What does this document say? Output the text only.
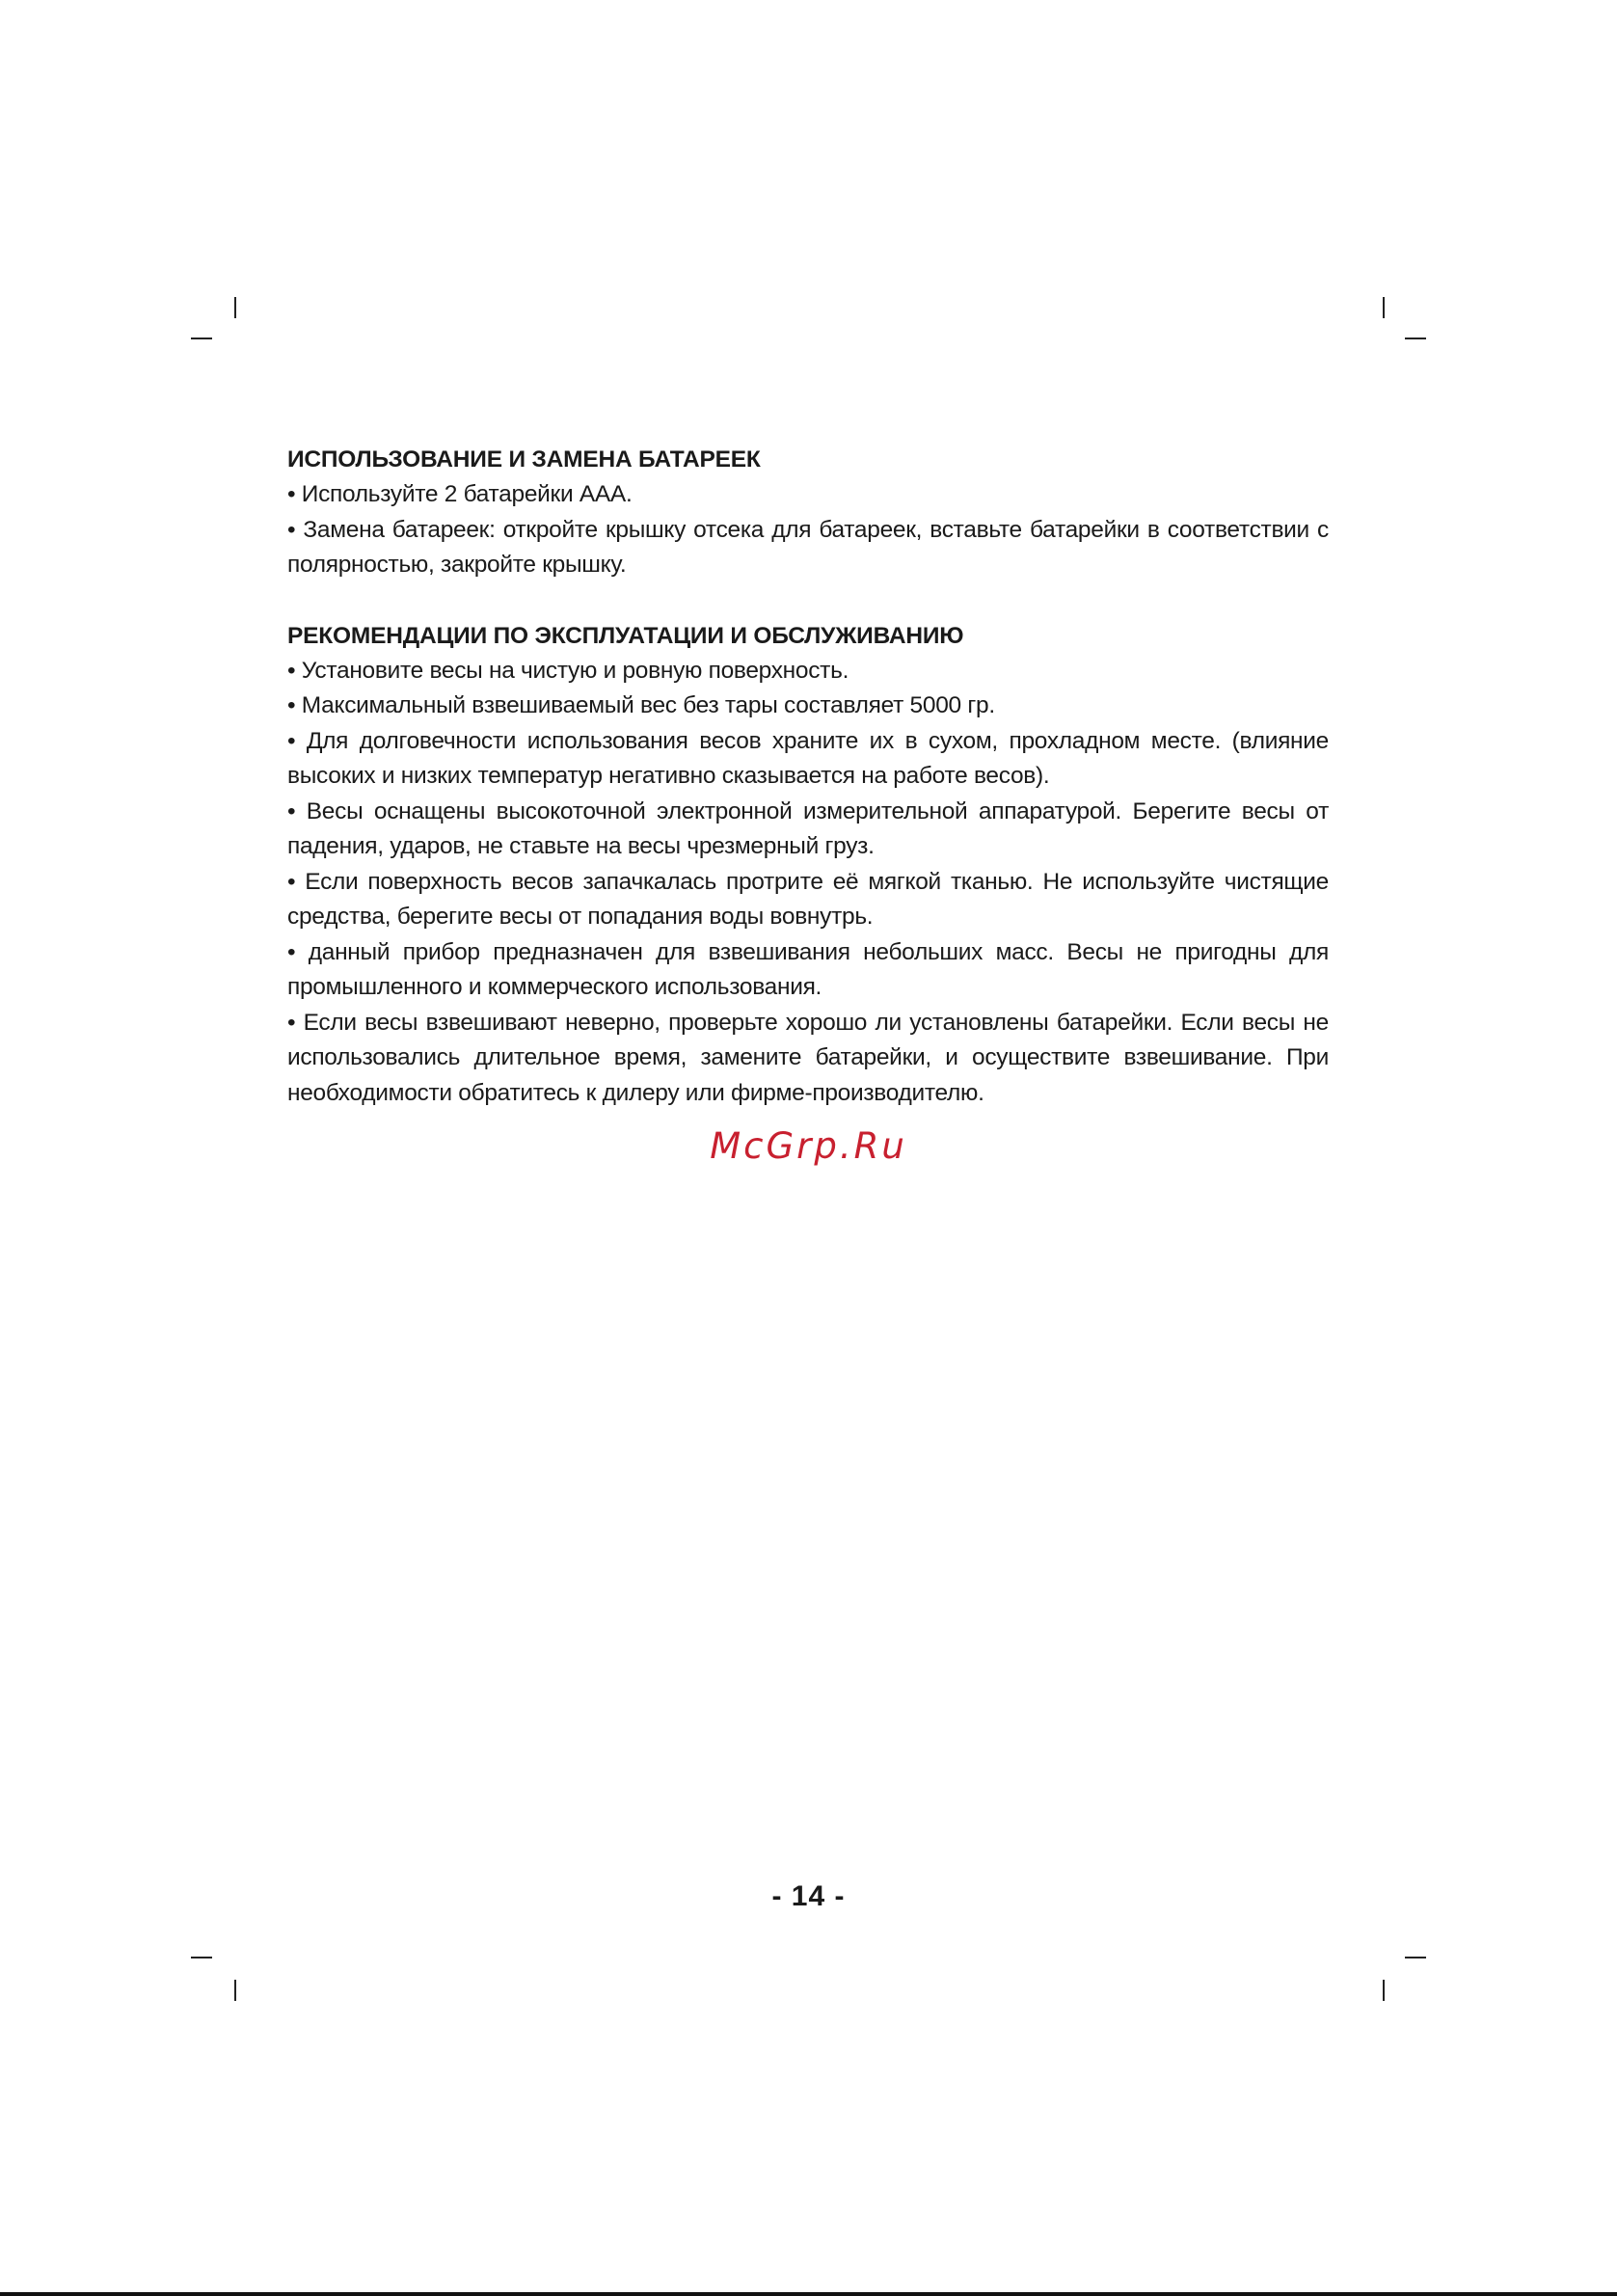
ИСПОЛЬЗОВАНИЕ И ЗАМЕНА БАТАРЕЕК

• Используйте 2 батарейки AAA.

• Замена батареек: откройте крышку отсека для батареек, вставьте батарейки в соответствии с полярностью, закройте крышку.

РЕКОМЕНДАЦИИ ПО ЭКСПЛУАТАЦИИ И ОБСЛУЖИВАНИЮ

• Установите весы на чистую и ровную поверхность.

• Максимальный взвешиваемый вес без тары составляет 5000 гр.

• Для долговечности использования весов храните их в сухом, прохладном месте. (влияние высоких и низких температур негативно сказывается на работе весов).

• Весы оснащены высокоточной электронной измерительной аппаратурой. Берегите весы от падения, ударов, не ставьте на весы чрезмерный груз.

• Если поверхность весов запачкалась протрите её мягкой тканью. Не используйте чистящие средства, берегите весы от попадания воды вовнутрь.

• данный прибор предназначен для взвешивания небольших масс. Весы не пригодны для промышленного и коммерческого использования.

• Если весы взвешивают неверно, проверьте хорошо ли установлены батарейки. Если весы не использовались длительное время, замените батарейки, и осуществите взвешивание. При необходимости обратитесь к дилеру или фирме-производителю.

McGrp.Ru
- 14 -
